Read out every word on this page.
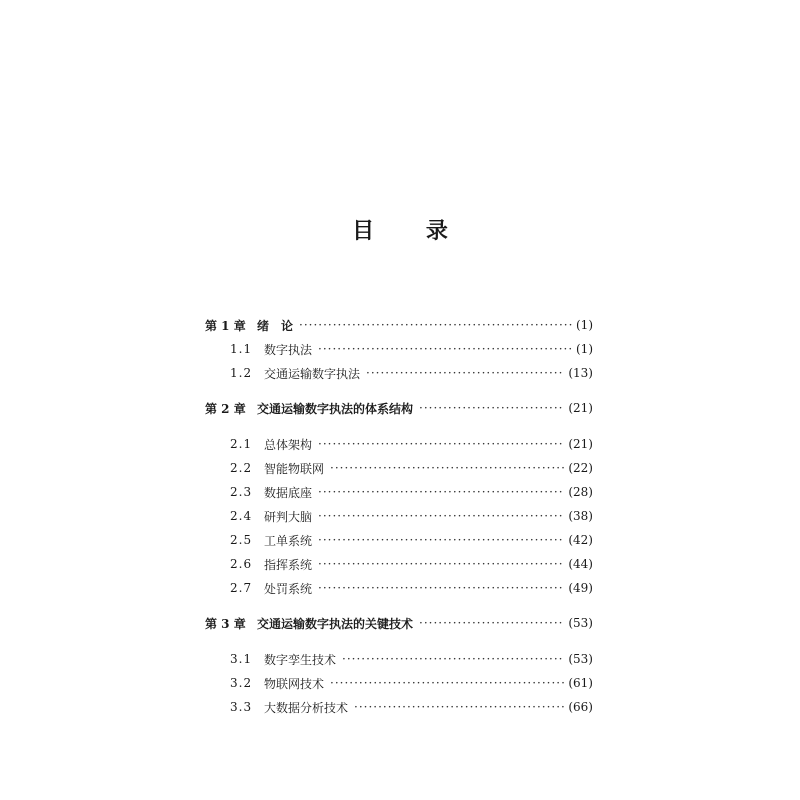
目 录
第 1 章 绪　论 ·····	(1)
1.1 数字执法 ·····	(1)
1.2 交通运输数字执法 ·····	(13)
第 2 章 交通运输数字执法的体系结构 ·····	(21)
2.1 总体架构 ·····	(21)
2.2 智能物联网 ·····	(22)
2.3 数据底座 ·····	(28)
2.4 研判大脑 ·····	(38)
2.5 工单系统 ·····	(42)
2.6 指挥系统 ·····	(44)
2.7 处罚系统 ·····	(49)
第 3 章 交通运输数字执法的关键技术 ·····	(53)
3.1 数字孪生技术 ·····	(53)
3.2 物联网技术 ·····	(61)
3.3 大数据分析技术 ·····	(66)
